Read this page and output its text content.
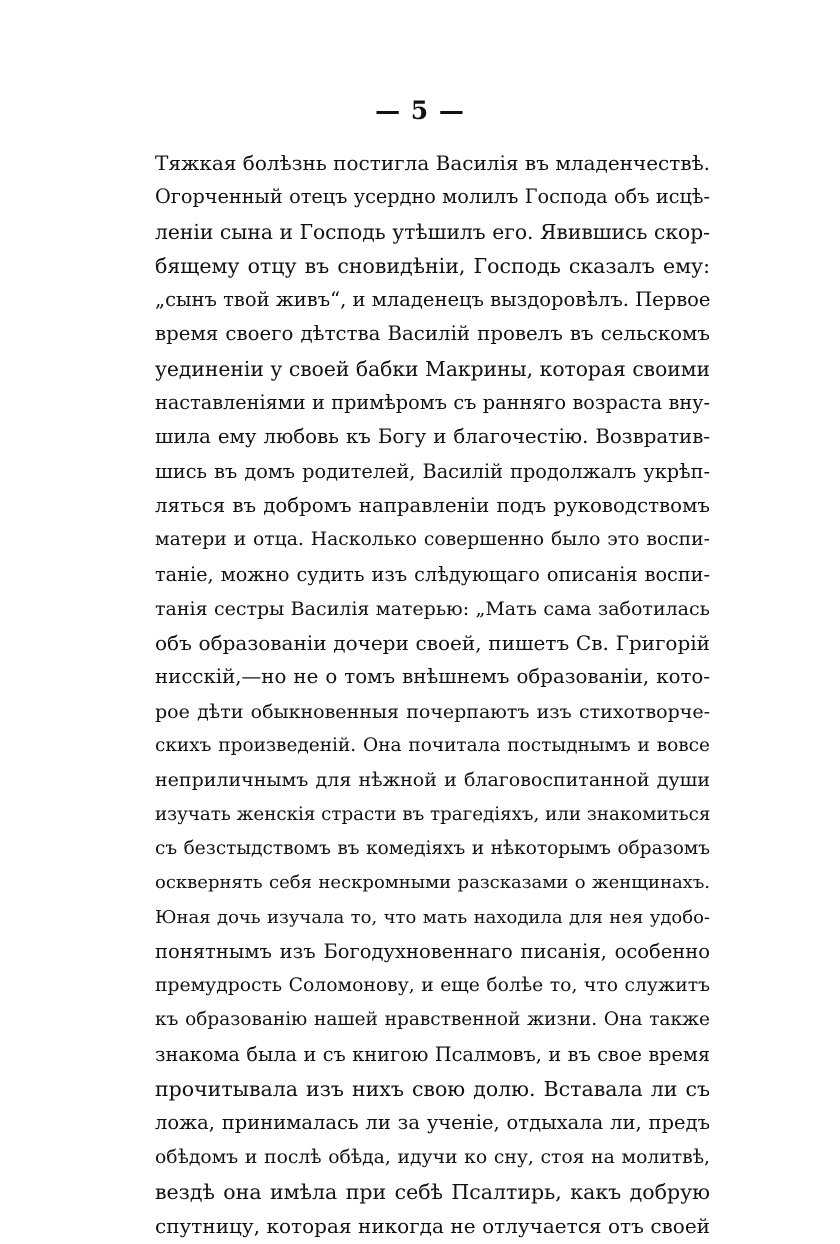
— 5 —
Тяжкая болѣзнь постигла Василія въ младенчествѣ.
Огорченный отецъ усердно молилъ Господа объ исцѣ-
леніи сына и Господь утѣшилъ его. Явившись скор-
бящему отцу въ сновидѣніи, Господь сказалъ ему:
„сынъ твой живъ“, и младенецъ выздоровѣлъ. Первое
время своего дѣтства Василій провелъ въ сельскомъ
уединеніи у своей бабки Макрины, которая своими
наставленіями и примѣромъ съ ранняго возраста вну-
шила ему любовь къ Богу и благочестію. Возвратив-
шись въ домъ родителей, Василій продолжалъ укрѣп-
ляться въ добромъ направленіи подъ руководствомъ
матери и отца. Насколько совершенно было это воспи-
таніе, можно судить изъ слѣдующаго описанія воспи-
танія сестры Василія матерью: „Мать сама заботилась
объ образованіи дочери своей, пишетъ Св. Григорій
нисскій,—но не о томъ внѣшнемъ образованіи, кото-
рое дѣти обыкновенныя почерпаютъ изъ стихотворче-
скихъ произведеній. Она почитала постыднымъ и вовсе
неприличнымъ для нѣжной и благовоспитанной души
изучать женскія страсти въ трагедіяхъ, или знакомиться
съ безстыдствомъ въ комедіяхъ и нѣкоторымъ образомъ
осквернять себя нескромными разсказами о женщинахъ.
Юная дочь изучала то, что мать находила для нея удобо-
понятнымъ изъ Богодухновеннаго писанія, особенно
премудрость Соломонову, и еще болѣе то, что служитъ
къ образованію нашей нравственной жизни. Она также
знакома была и съ книгою Псалмовъ, и въ свое время
прочитывала изъ нихъ свою долю. Вставала ли съ
ложа, принималась ли за ученіе, отдыхала ли, предъ
обѣдомъ и послѣ обѣда, идучи ко сну, стоя на молитвѣ,
вездѣ она имѣла при себѣ Псалтирь, какъ добрую
спутницу, которая никогда не отлучается отъ своей
